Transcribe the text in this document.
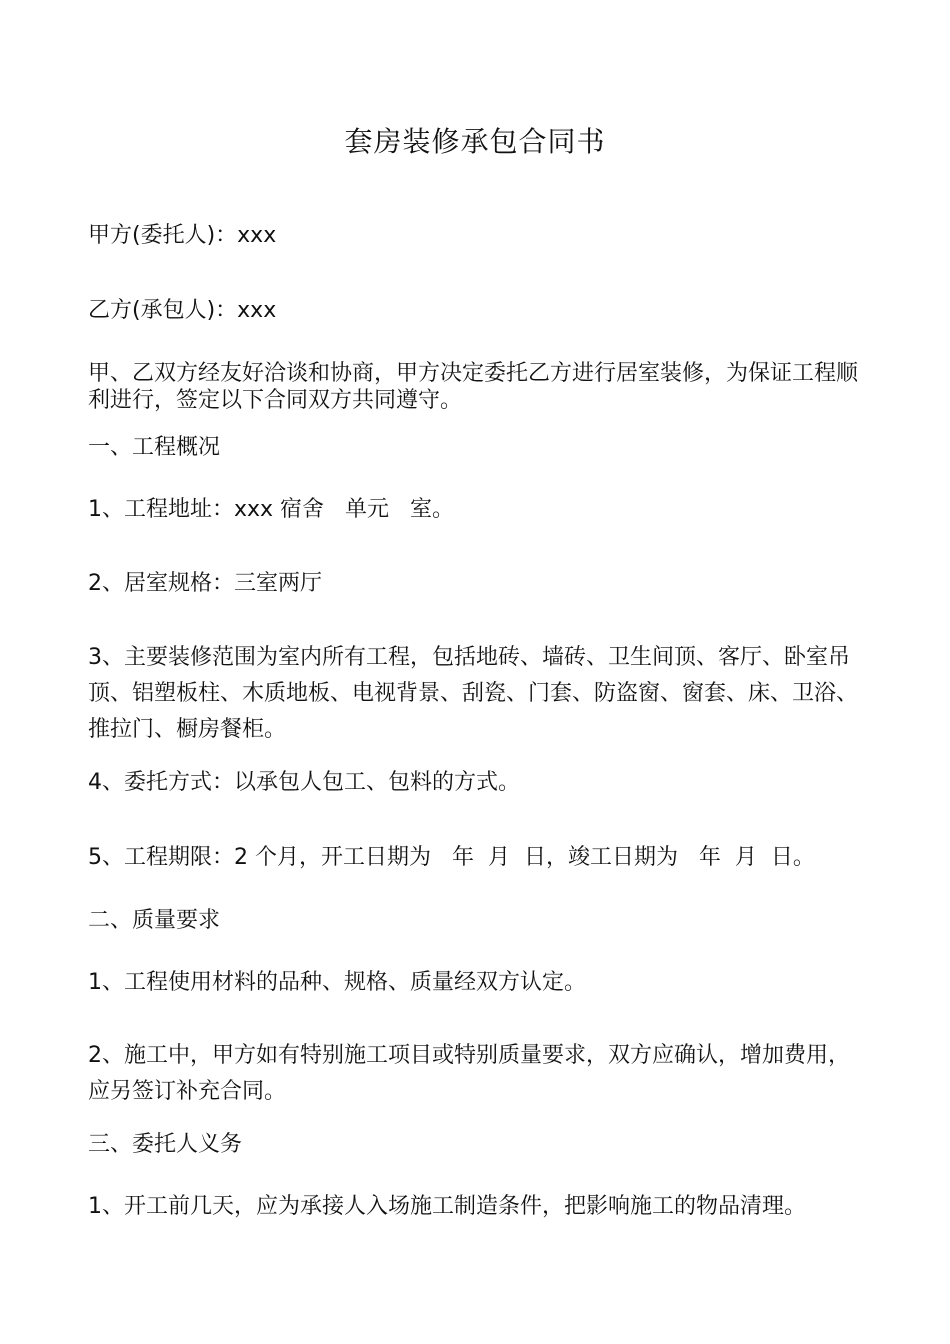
套房装修承包合同书
甲方(委托人)：xxx
乙方(承包人)：xxx
甲、乙双方经友好洽谈和协商，甲方决定委托乙方进行居室装修，为保证工程顺利进行，签定以下合同双方共同遵守。
一、工程概况
1、工程地址：xxx 宿舍   单元   室。
2、居室规格：三室两厅
3、主要装修范围为室内所有工程，包括地砖、墙砖、卫生间顶、客厅、卧室吊顶、铝塑板柱、木质地板、电视背景、刮瓷、门套、防盗窗、窗套、床、卫浴、推拉门、橱房餐柜。
4、委托方式：以承包人包工、包料的方式。
5、工程期限：2 个月，开工日期为   年  月  日，竣工日期为   年  月  日。
二、质量要求
1、工程使用材料的品种、规格、质量经双方认定。
2、施工中，甲方如有特别施工项目或特别质量要求，双方应确认，增加费用，应另签订补充合同。
三、委托人义务
1、开工前几天，应为承接人入场施工制造条件，把影响施工的物品清理。
